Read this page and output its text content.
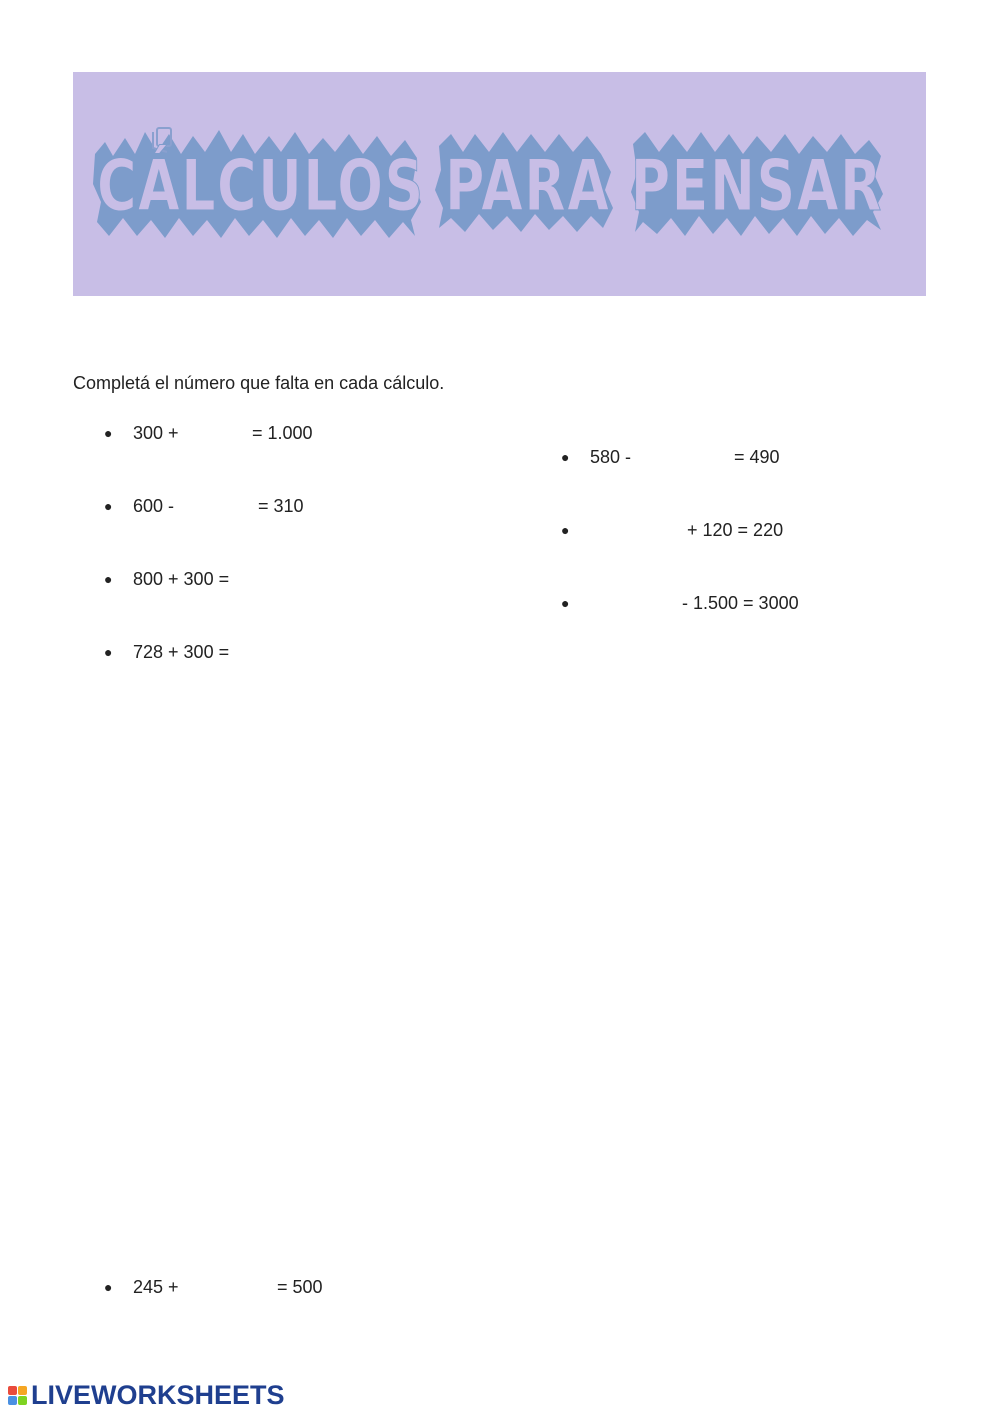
CÁLCULOS PARA PENSAR
Completá el número que falta en cada cálculo.
● 300 +	= 1.000
● 600 -	= 310
● 800 + 300 =
● 728 + 300 =
● 580 -	= 490
●	+ 120 = 220
●	- 1.500 = 3000
● 245 +	= 500
LIVEWORKSHEETS
